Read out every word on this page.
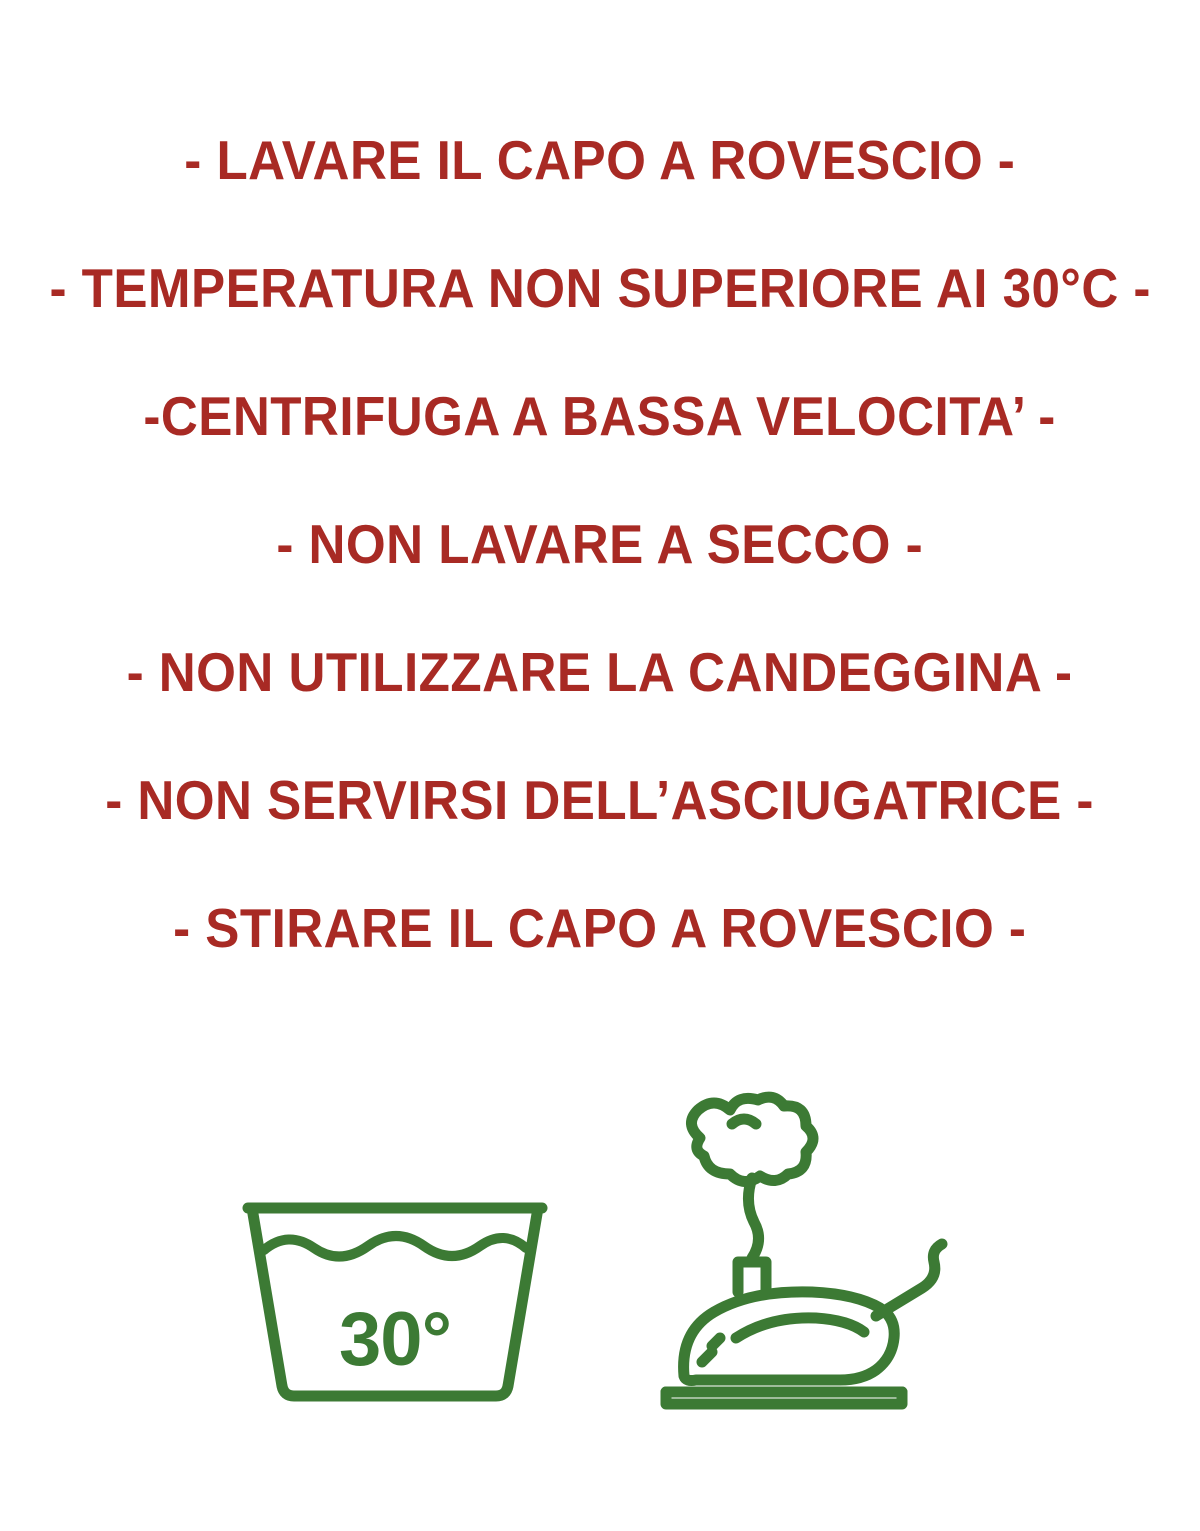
- LAVARE IL CAPO A ROVESCIO -
- TEMPERATURA NON SUPERIORE AI 30°C -
-CENTRIFUGA A BASSA VELOCITA’ -
- NON LAVARE A SECCO -
- NON UTILIZZARE LA CANDEGGINA -
- NON SERVIRSI DELL’ASCIUGATRICE -
- STIRARE IL CAPO A ROVESCIO -
30°
